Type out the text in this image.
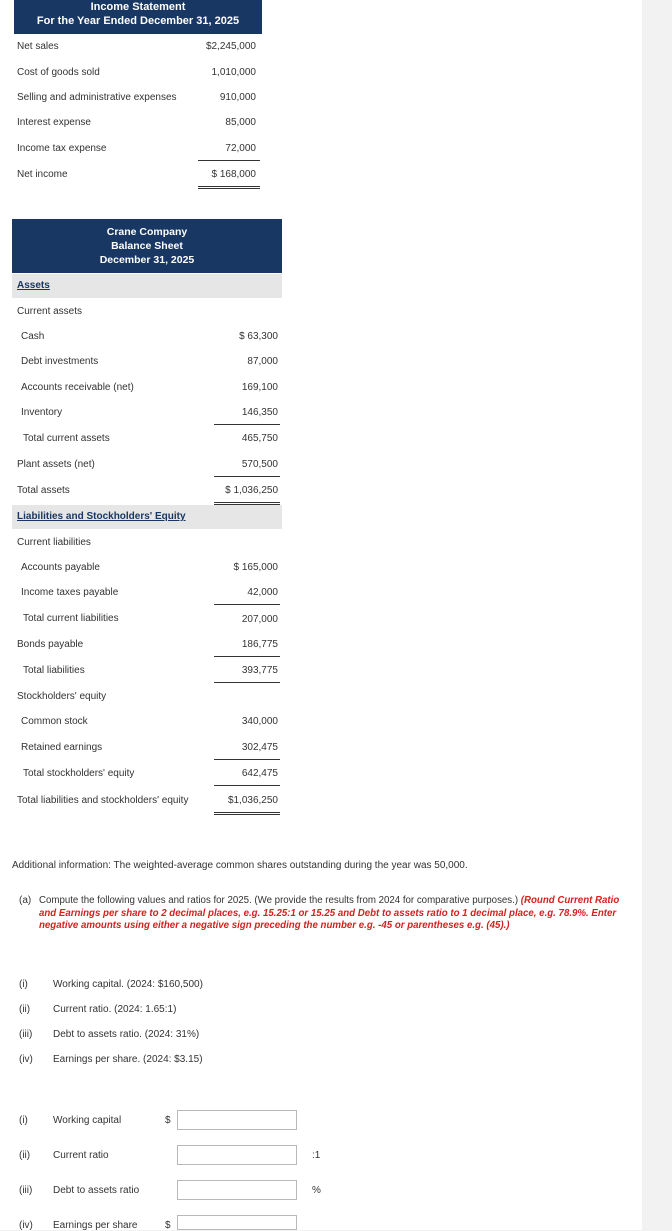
Income Statement
For the Year Ended December 31, 2025
Net sales	$2,245,000
Cost of goods sold	1,010,000
Selling and administrative expenses	910,000
Interest expense	85,000
Income tax expense	72,000
Net income	$ 168,000
Crane Company
Balance Sheet
December 31, 2025
Assets
Current assets
Cash	$ 63,300
Debt investments	87,000
Accounts receivable (net)	169,100
Inventory	146,350
Total current assets	465,750
Plant assets (net)	570,500
Total assets	$ 1,036,250
Liabilities and Stockholders' Equity
Current liabilities
Accounts payable	$ 165,000
Income taxes payable	42,000
Total current liabilities	207,000
Bonds payable	186,775
Total liabilities	393,775
Stockholders' equity
Common stock	340,000
Retained earnings	302,475
Total stockholders' equity	642,475
Total liabilities and stockholders' equity	$1,036,250
Additional information: The weighted-average common shares outstanding during the year was 50,000.
(a) Compute the following values and ratios for 2025. (We provide the results from 2024 for comparative purposes.) (Round Current Ratio and Earnings per share to 2 decimal places, e.g. 15.25:1 or 15.25 and Debt to assets ratio to 1 decimal place, e.g. 78.9%. Enter negative amounts using either a negative sign preceding the number e.g. -45 or parentheses e.g. (45).)
(i)	Working capital. (2024: $160,500)
(ii) Current ratio. (2024: 1.65:1)
(iii) Debt to assets ratio. (2024: 31%)
(iv) Earnings per share. (2024: $3.15)
(i)	Working capital	$
(ii) Current ratio	:1
(iii) Debt to assets ratio	%
(iv) Earnings per share	$
